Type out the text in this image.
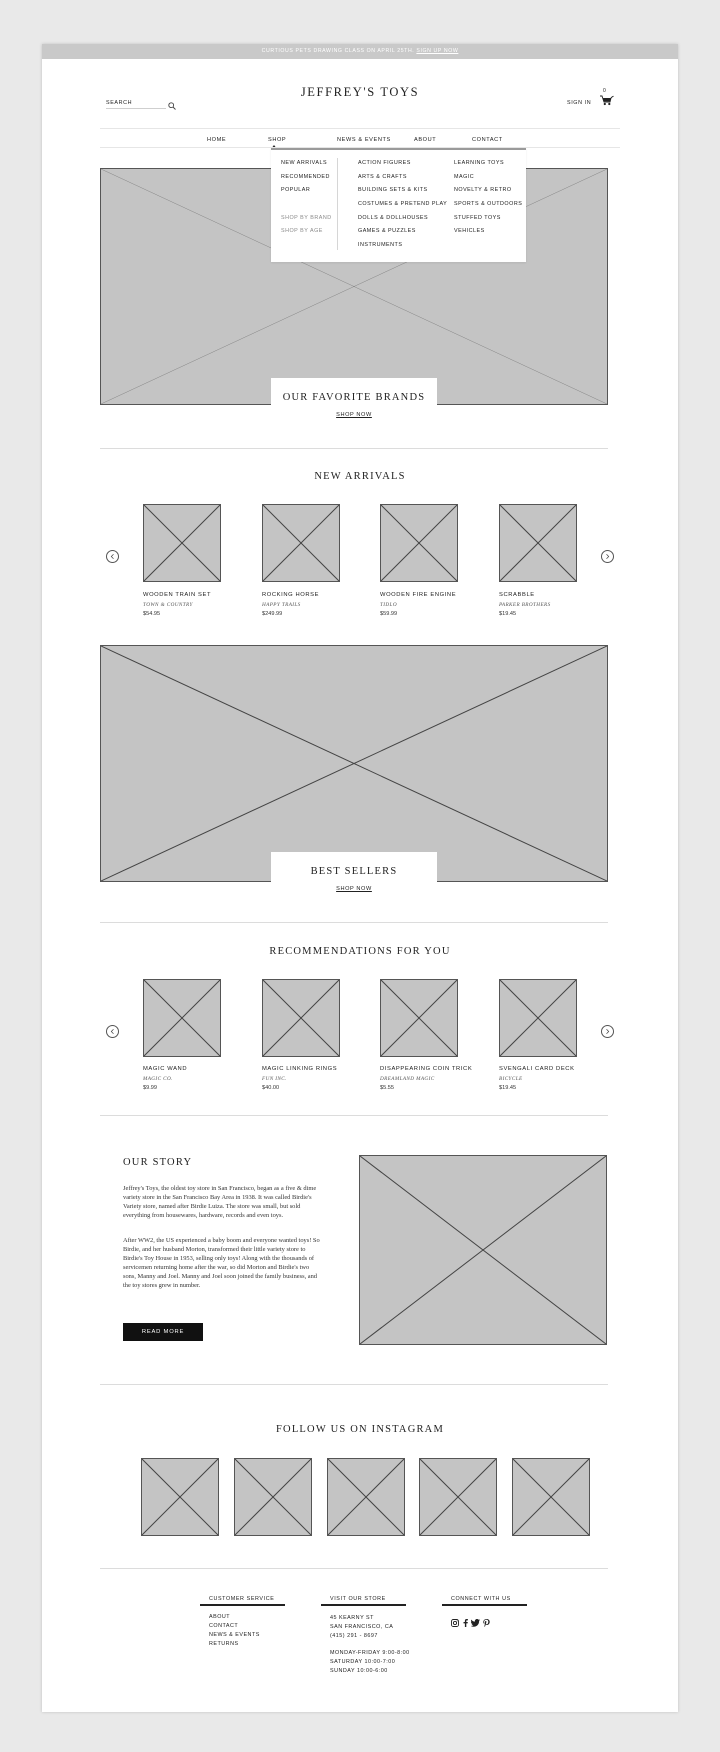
CURTIOUS PETS DRAWING CLASS ON APRIL 25TH. SIGN UP NOW
SEARCH
JEFFREY'S TOYS
SIGN IN
0
HOME	SHOP	NEWS & EVENTS	ABOUT	CONTACT
OUR FAVORITE BRANDS
SHOP NOW
NEW ARRIVALS
RECOMMENDED
POPULAR
SHOP BY BRAND
SHOP BY AGE
ACTION FIGURES
ARTS & CRAFTS
BUILDING SETS & KITS
COSTUMES & PRETEND PLAY
DOLLS & DOLLHOUSES
GAMES & PUZZLES
INSTRUMENTS
LEARNING TOYS
MAGIC
NOVELTY & RETRO
SPORTS & OUTDOORS
STUFFED TOYS
VEHICLES
NEW ARRIVALS
WOODEN TRAIN SET
TOWN & COUNTRY
$54.95
ROCKING HORSE
HAPPY TRAILS
$249.99
WOODEN FIRE ENGINE
TIDLO
$59.99
SCRABBLE
PARKER BROTHERS
$19.45
BEST SELLERS
SHOP NOW
RECOMMENDATIONS FOR YOU
MAGIC WAND
MAGIC CO.
$9.99
MAGIC LINKING RINGS
FUN INC.
$40.00
DISAPPEARING COIN TRICK
DREAMLAND MAGIC
$5.55
SVENGALI CARD DECK
BICYCLE
$19.45
OUR STORY
Jeffrey's Toys, the oldest toy store in San Francisco, began as a five & dime variety store in the San Francisco Bay Area in 1938. It was called Birdie's Variety store, named after Birdie Luiza. The store was small, but sold everything from housewares, hardware, records and even toys.
After WW2, the US experienced a baby boom and everyone wanted toys! So Birdie, and her husband Morton, transformed their little variety store to Birdie's Toy House in 1953, selling only toys! Along with the thousands of servicemen returning home after the war, so did Morton and Birdie's two sons, Manny and Joel. Manny and Joel soon joined the family business, and the toy stores grew in number.
READ MORE
FOLLOW US ON INSTAGRAM
CUSTOMER SERVICE
ABOUT
CONTACT
NEWS & EVENTS
RETURNS
VISIT OUR STORE
45 KEARNY ST
SAN FRANCISCO, CA
(415) 291 - 8697
MONDAY-FRIDAY 9:00-8:00
SATURDAY 10:00-7:00
SUNDAY 10:00-6:00
CONNECT WITH US
